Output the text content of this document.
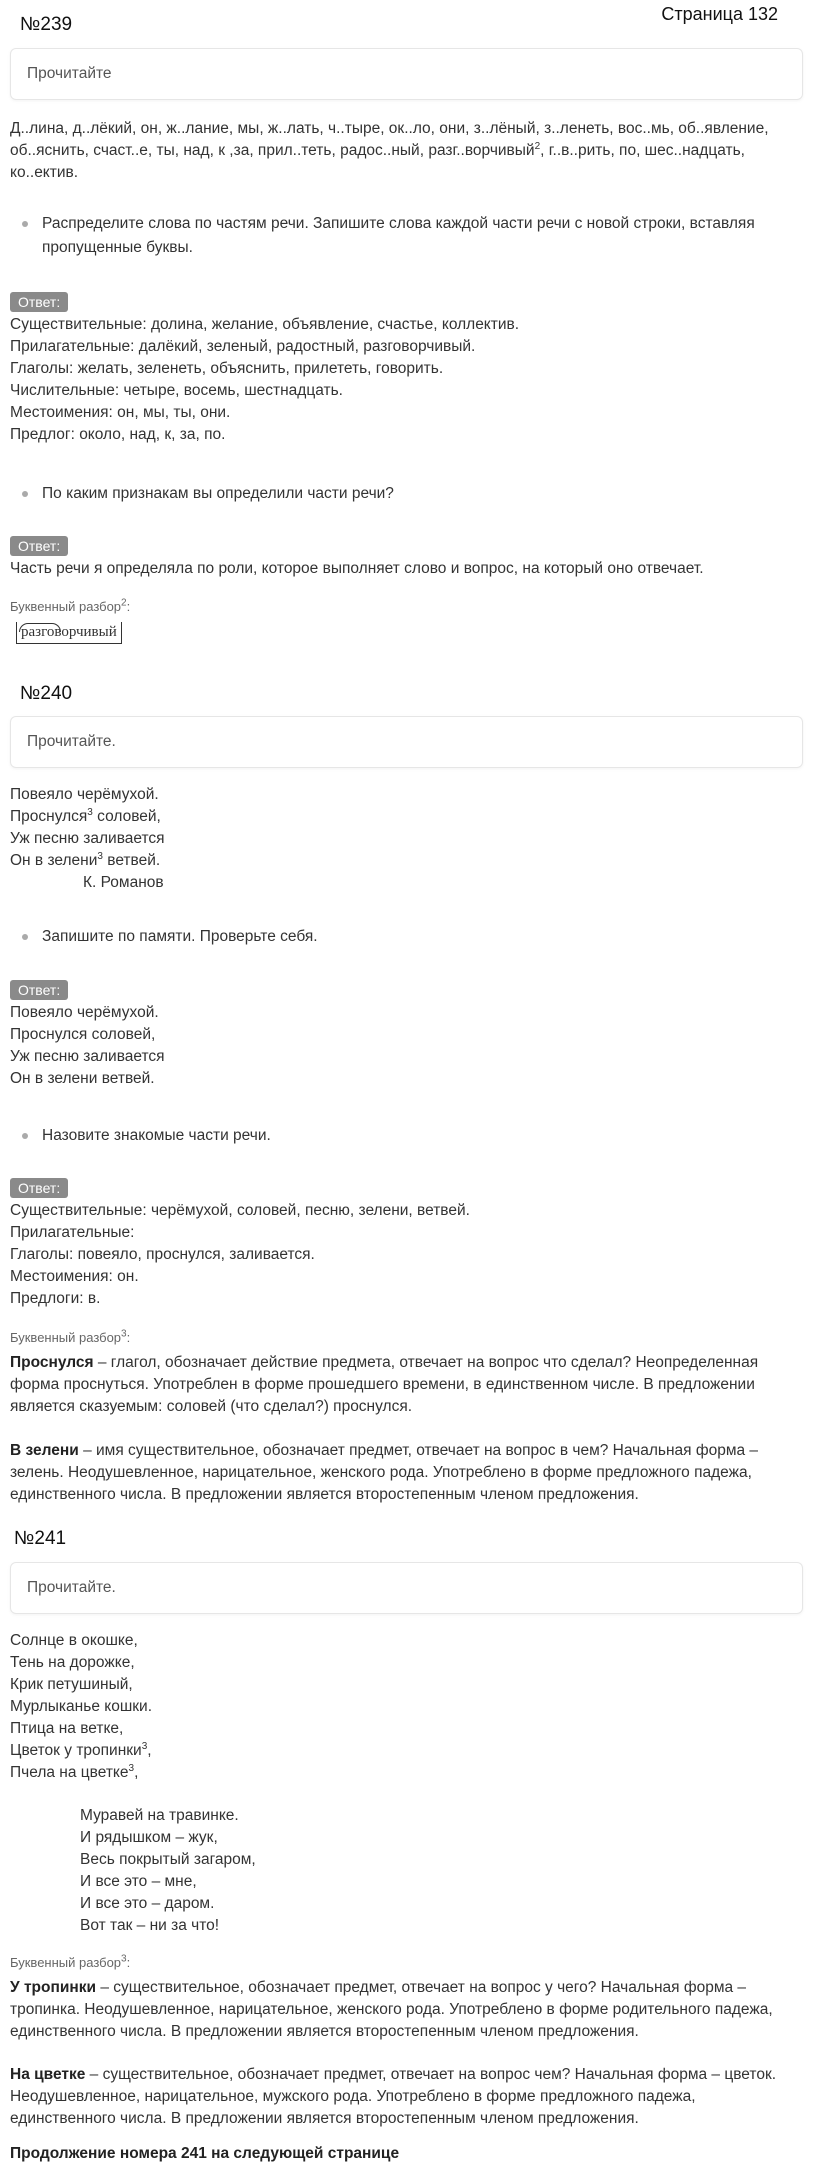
Страница 132
№239
Прочитайте
Д..лина, д..лёкий, он, ж..лание, мы, ж..лать, ч..тыре, ок..ло, они, з..лёный, з..ленеть, вос..мь, об..явление, об..яснить, счаст..е, ты, над, к ,за, прил..теть, радос..ный, разг..ворчивый$^2$, г..в..рить, по, шес..надцать, ко..ектив.
Распределите слова по частям речи. Запишите слова каждой части речи с новой строки, вставляя пропущенные буквы.
Ответ:
Существительные: долина, желание, объявление, счастье, коллектив.
Прилагательные: далёкий, зеленый, радостный, разговорчивый.
Глаголы: желать, зеленеть, объяснить, прилететь, говорить.
Числительные: четыре, восемь, шестнадцать.
Местоимения: он, мы, ты, они.
Предлог: около, над, к, за, по.
По каким признакам вы определили части речи?
Ответ:
Часть речи я определяла по роли, которое выполняет слово и вопрос, на который оно отвечает.
Буквенный разбор$^2$:
разговорчивый
№240
Прочитайте.
Повеяло черёмухой.
Проснулся$^3$ соловей,
Уж песню заливается
Он в зелени$^3$ ветвей.
К. Романов
Запишите по памяти. Проверьте себя.
Ответ:
Повеяло черёмухой.
Проснулся соловей,
Уж песню заливается
Он в зелени ветвей.
Назовите знакомые части речи.
Ответ:
Существительные: черёмухой, соловей, песню, зелени, ветвей.
Прилагательные:
Глаголы: повеяло, проснулся, заливается.
Местоимения: он.
Предлоги: в.
Буквенный разбор$^3$:
Проснулся – глагол, обозначает действие предмета, отвечает на вопрос что сделал? Неопределенная форма проснуться. Употреблен в форме прошедшего времени, в единственном числе. В предложении является сказуемым: соловей (что сделал?) проснулся.
В зелени – имя существительное, обозначает предмет, отвечает на вопрос в чем? Начальная форма – зелень. Неодушевленное, нарицательное, женского рода. Употреблено в форме предложного падежа, единственного числа. В предложении является второстепенным членом предложения.
№241
Прочитайте.
Солнце в окошке,
Тень на дорожке,
Крик петушиный,
Мурлыканье кошки.
Птица на ветке,
Цветок у тропинки$^3$,
Пчела на цветке$^3$,
Муравей на травинке.
И рядышком – жук,
Весь покрытый загаром,
И все это – мне,
И все это – даром.
Вот так – ни за что!
Буквенный разбор$^3$:
У тропинки – существительное, обозначает предмет, отвечает на вопрос у чего? Начальная форма – тропинка. Неодушевленное, нарицательное, женского рода. Употреблено в форме родительного падежа, единственного числа. В предложении является второстепенным членом предложения.
На цветке – существительное, обозначает предмет, отвечает на вопрос чем? Начальная форма – цветок. Неодушевленное, нарицательное, мужского рода. Употреблено в форме предложного падежа, единственного числа. В предложении является второстепенным членом предложения.
Продолжение номера 241 на следующей странице
